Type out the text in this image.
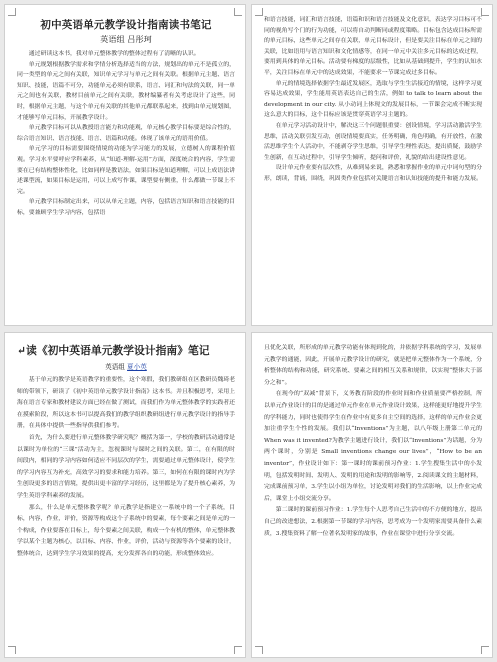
初中英语单元教学设计指南读书笔记
英语组 吕彤珂

通过研读这本书，我对单元整体教学的整体过程有了清晰的认识。

单元规划根据教学需求和学情分析选择适当的方法，规划出的单元不是孤立的，同一类型的单元之间有关联，知识单元学习与单元之间有关联。根据单元主题、语言知识、技能，语篇不可分，功能单元必须有联系，语言、词汇和句法的关联，同一单元之间也有关联，教材目前单元之间有关联，教材编纂者有关考虑设计了这些，同时，根据单元主题，与这个单元有关联的其他单元都联系起来，找到由单元规划图，才能够写单元目标，开展教学设计。

单元教学目标可以从教授语言能力和功能观，单元核心教学目标要是综合性的，综合语言知识、语言技能、语言、语篇和功能。体现了该单元的语用价值。

单元学习的目标需要围绕情境的功能为学习能力的发展，立德树人的课程价值观。学习水平要呼应学科素养，从“知道-理解-运用”方面，深度统合的内容，学生需要在已有结构整体性化，比如同样是教语法，如果目标是知道理解，可以上成语法讲述课型流，如果目标是运用，可以上成写作课，课型要有侧重，什么都做一节课上不完。

单元教学目标制定出来，可以从单元主题，内容，包括语言知识和语言技能的目标，要兼顾学生学习内容，包括语

和语言技能，词汇和语言技能，语篇和识和语言技能及文化意识，表达学习目标可不同的视角写个门的行为功能，可以将自动判断同或程度策略。目标包含达成目标所需的单元目标，这些单元之间存在关联，单元目标设计，但是要关注目标在单元之间的关联，比如语用与语言知识和文化情感等，在同一单元中关注多元目标的达成过程，要用到具体的单元目标。活动要有梯度的层级性，比如从基础到提升，学生的认知水平，关注目标在单元中的达成效果，不能要求一节课完成过多目标。

单元的情境选择依据学生最近发展区，选取与学生生活接近的情境，这样学习更容易达成效果，学生能用英语表达自己的生活，例如 to talk to learn about the development in our city. 从小动词上体现文的发展目标，一节课会完成不断实现这么意大的目标，这个目标应该是贯穿英语学习主题的。

在单元学习活动设计中，解决这三个问题很重要：创设情境，学习活动激活学生思维，活动关联引发互动，创设情境要真实，任务明确，角色明确，有开放性，在激活思维学生个人活动中，不能剥夺学生思维，引导学生理性表达，提出质疑，鼓励学生创新，在互动过程中，引导学生倾听，提问和评价，礼貌的给出建设性意见。

设计单元作业要有层次性，从难到易来说，熟悉和掌握作业的单元中词句型的分形，朗读，背诵，围绕，巩固类作业包括对关键语言和认知技能的提升和能力发展。

↵读《初中英语单元教学设计指南》笔记
英语组 夏小英

基于单元的教学是英语教学的重要性，这个寒假，我们教研组在区教研员魏琦老师的带领下，研读了《初中英语单元教学设计指南》这本书。并且积极思考，采用上海在语言专家和教材建议方面已经在做了测试，而我们作为单元整体教学的实践者还在摸索阶段，所以这本书可以提高我们的教学组织教研组进行单元教学设计的指导手册，在具体中提供一些指导供我们参考。

首先，为什么要进行单元整体教学研究呢？概括为第一，学校的教研活动通常是以课时为单位的“三课”活动为主，忽视课时与课时之间的关联。第二，在有限的时间段内，相同的学习内容如何适应不同层次的学生，需要通过单元整体设计，使学生的学习内容互为补充，高效学习的要求和能力培养。第三，如何在有限的课时内为学生创设更多的语言情境，提供出更丰富的学习经历，这里都是为了提升核心素养，为学生英语学科素养的发展。

那么，什么是单元整体教学呢？单元教学是指建立一系统中的一个子系统，目标，内容，作业，评价，资源等构成这个子系统中的要素，每个要素之间是单元的一个构成，作业要落在目标上，每个要素之间关联，构成一个有机的整体，单元整体教学以某个主题为核心，以目标、内容、作业，评价，活动与资源等各个要素的设计，整体统合，达到学生学习效果的提高，充分发挥各自的功能，形成整体效应。

且优化关联，所形成的单元教学功能有体现到化的，并依据学科系统的学习，发展单元教学的通能，因此，开展单元教学设计的研究，就是把单元整体作为一个系统，分析整体的结构和功能，研究系统、要素之间的相互关系和规律，以实现“整体大于部分之和”。

在现今的“双减”背景下，义务教育阶段的作业时间和作业质量要严格控制，所以单元作业设计的目的是通过单元作业在单元作业设计效果，这样能更好地提升学生的学科能力，同时也使得学生在作业中有更多自主空间的选择，这样的单元作业会更加注重学生个性的发展。我们以“Inventions”为主题，以八年级上册第二单元的 When was it invented?为教学主题进行设计，我们以“Inventions”为话题，分为两个课时，分别是 Small inventions change our lives”，“How to be an inventor”，作业设计如下：第一课时的课前预习作业：1.学生搜集生活中的小发明，包括发明时间、发明人、发明的用途和发明的影响等，2.阅读课文的主题材料，完成课前预习单，3.学生以小组为单位，讨论发明对我们的生活影响，以上作业完成后，课堂上小组交流分享。

第二课时的课前预习作业：1.学生每个人思考自己生活中的不方便的地方，提出自己的改进想法，2.根据第一节课的学习内容，思考成为一个发明家需要具备什么素质，3.搜集资料了解一位著名发明家的故事，作业在课堂中进行分享交流。
